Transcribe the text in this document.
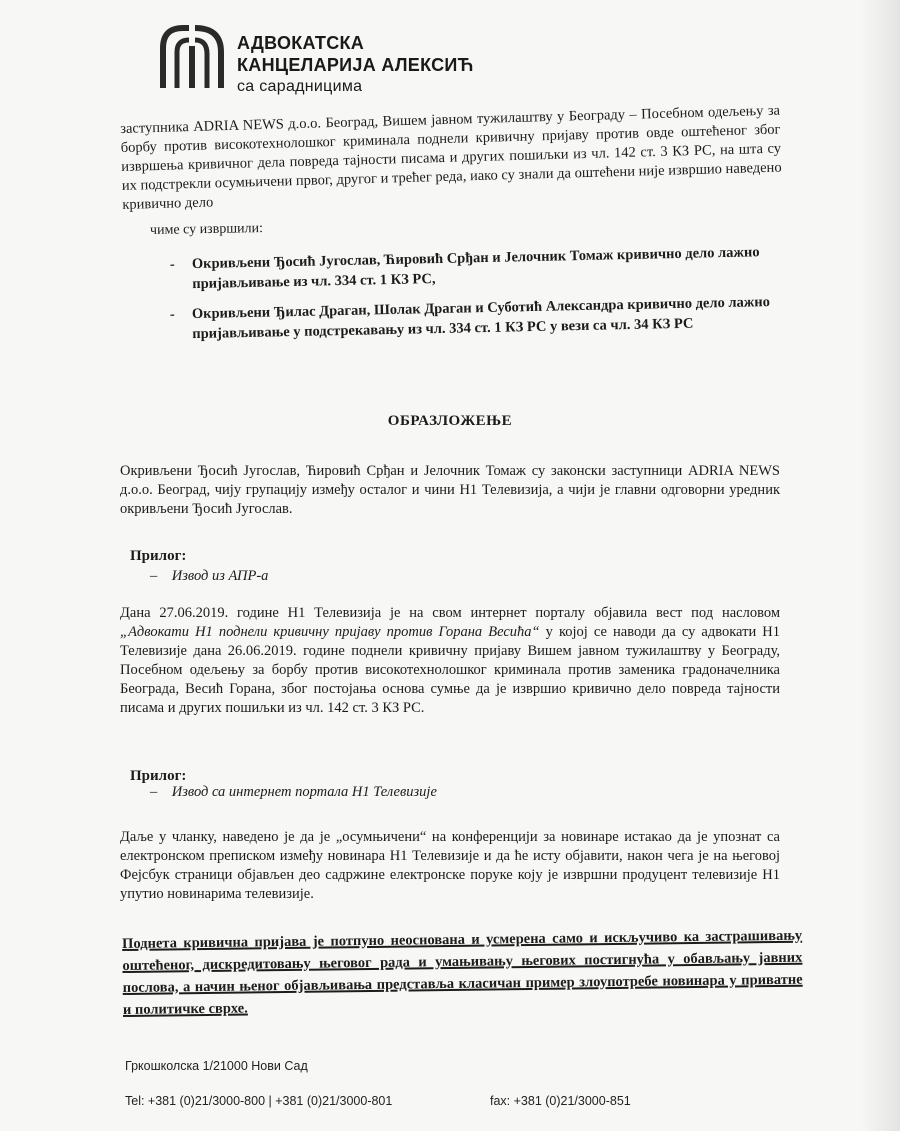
АДВОКАТСКА
КАНЦЕЛАРИЈА АЛЕКСИЋ
са сарадницима
заступника ADRIA NEWS д.о.о. Београд, Вишем јавном тужилаштву у Београду – Посебном одељењу за борбу против високотехнолошког криминала поднели кривичну пријаву против овде оштећеног због извршења кривичног дела повреда тајности писама и других пошиљки из чл. 142 ст. 3 КЗ РС, на шта су их подстрекли осумњичени првог, другог и трећег реда, иако су знали да оштећени није извршио наведено кривично дело
чиме су извршили:
- Окривљени Ђосић Југослав, Ћировић Срђан и Јелочник Томаж кривично дело лажно пријављивање из чл. 334 ст. 1 КЗ РС,
- Окривљени Ђилас Драган, Шолак Драган и Суботић Александра кривично дело лажно пријављивање у подстрекавању из чл. 334 ст. 1 КЗ РС у вези са чл. 34 КЗ РС
ОБРАЗЛОЖЕЊЕ
Окривљени Ђосић Југослав, Ћировић Срђан и Јелочник Томаж су законски заступници ADRIA NEWS д.о.о. Београд, чију групацију између осталог и чини Н1 Телевизија, а чији је главни одговорни уредник окривљени Ђосић Југослав.
Прилог:
–    Извод из АПР-а
Дана 27.06.2019. године Н1 Телевизија је на свом интернет порталу објавила вест под насловом „Адвокати Н1 поднели кривичну пријаву против Горана Весића“ у којој се наводи да су адвокати Н1 Телевизије дана 26.06.2019. године поднели кривичну пријаву Вишем јавном тужилаштву у Београду, Посебном одељењу за борбу против високотехнолошког криминала против заменика градоначелника Београда, Весић Горана, због постојања основа сумње да је извршио кривично дело повреда тајности писама и других пошиљки из чл. 142 ст. 3 КЗ РС.
Прилог:
–    Извод са интернет портала Н1 Телевизије
Даље у чланку, наведено је да је „осумњичени“ на конференцији за новинаре истакао да је упознат са електронском преписком између новинара Н1 Телевизије и да ће исту објавити, након чега је на његовој Фејсбук страници објављен део садржине електронске поруке коју је извршни продуцент телевизије Н1 упутио новинарима телевизије.
Поднета кривична пријава је потпуно неоснована и усмерена само и искључиво ка застрашивању оштећеног, дискредитовању његовог рада и умањивању његових постигнућа у обављању јавних послова, а начин њеног објављивања представља класичан пример злоупотребе новинара у приватне и политичке сврхе.
Гркошколска 1/21000 Нови Сад
Tel: +381 (0)21/3000-800 | +381 (0)21/3000-801	fax: +381 (0)21/3000-851
